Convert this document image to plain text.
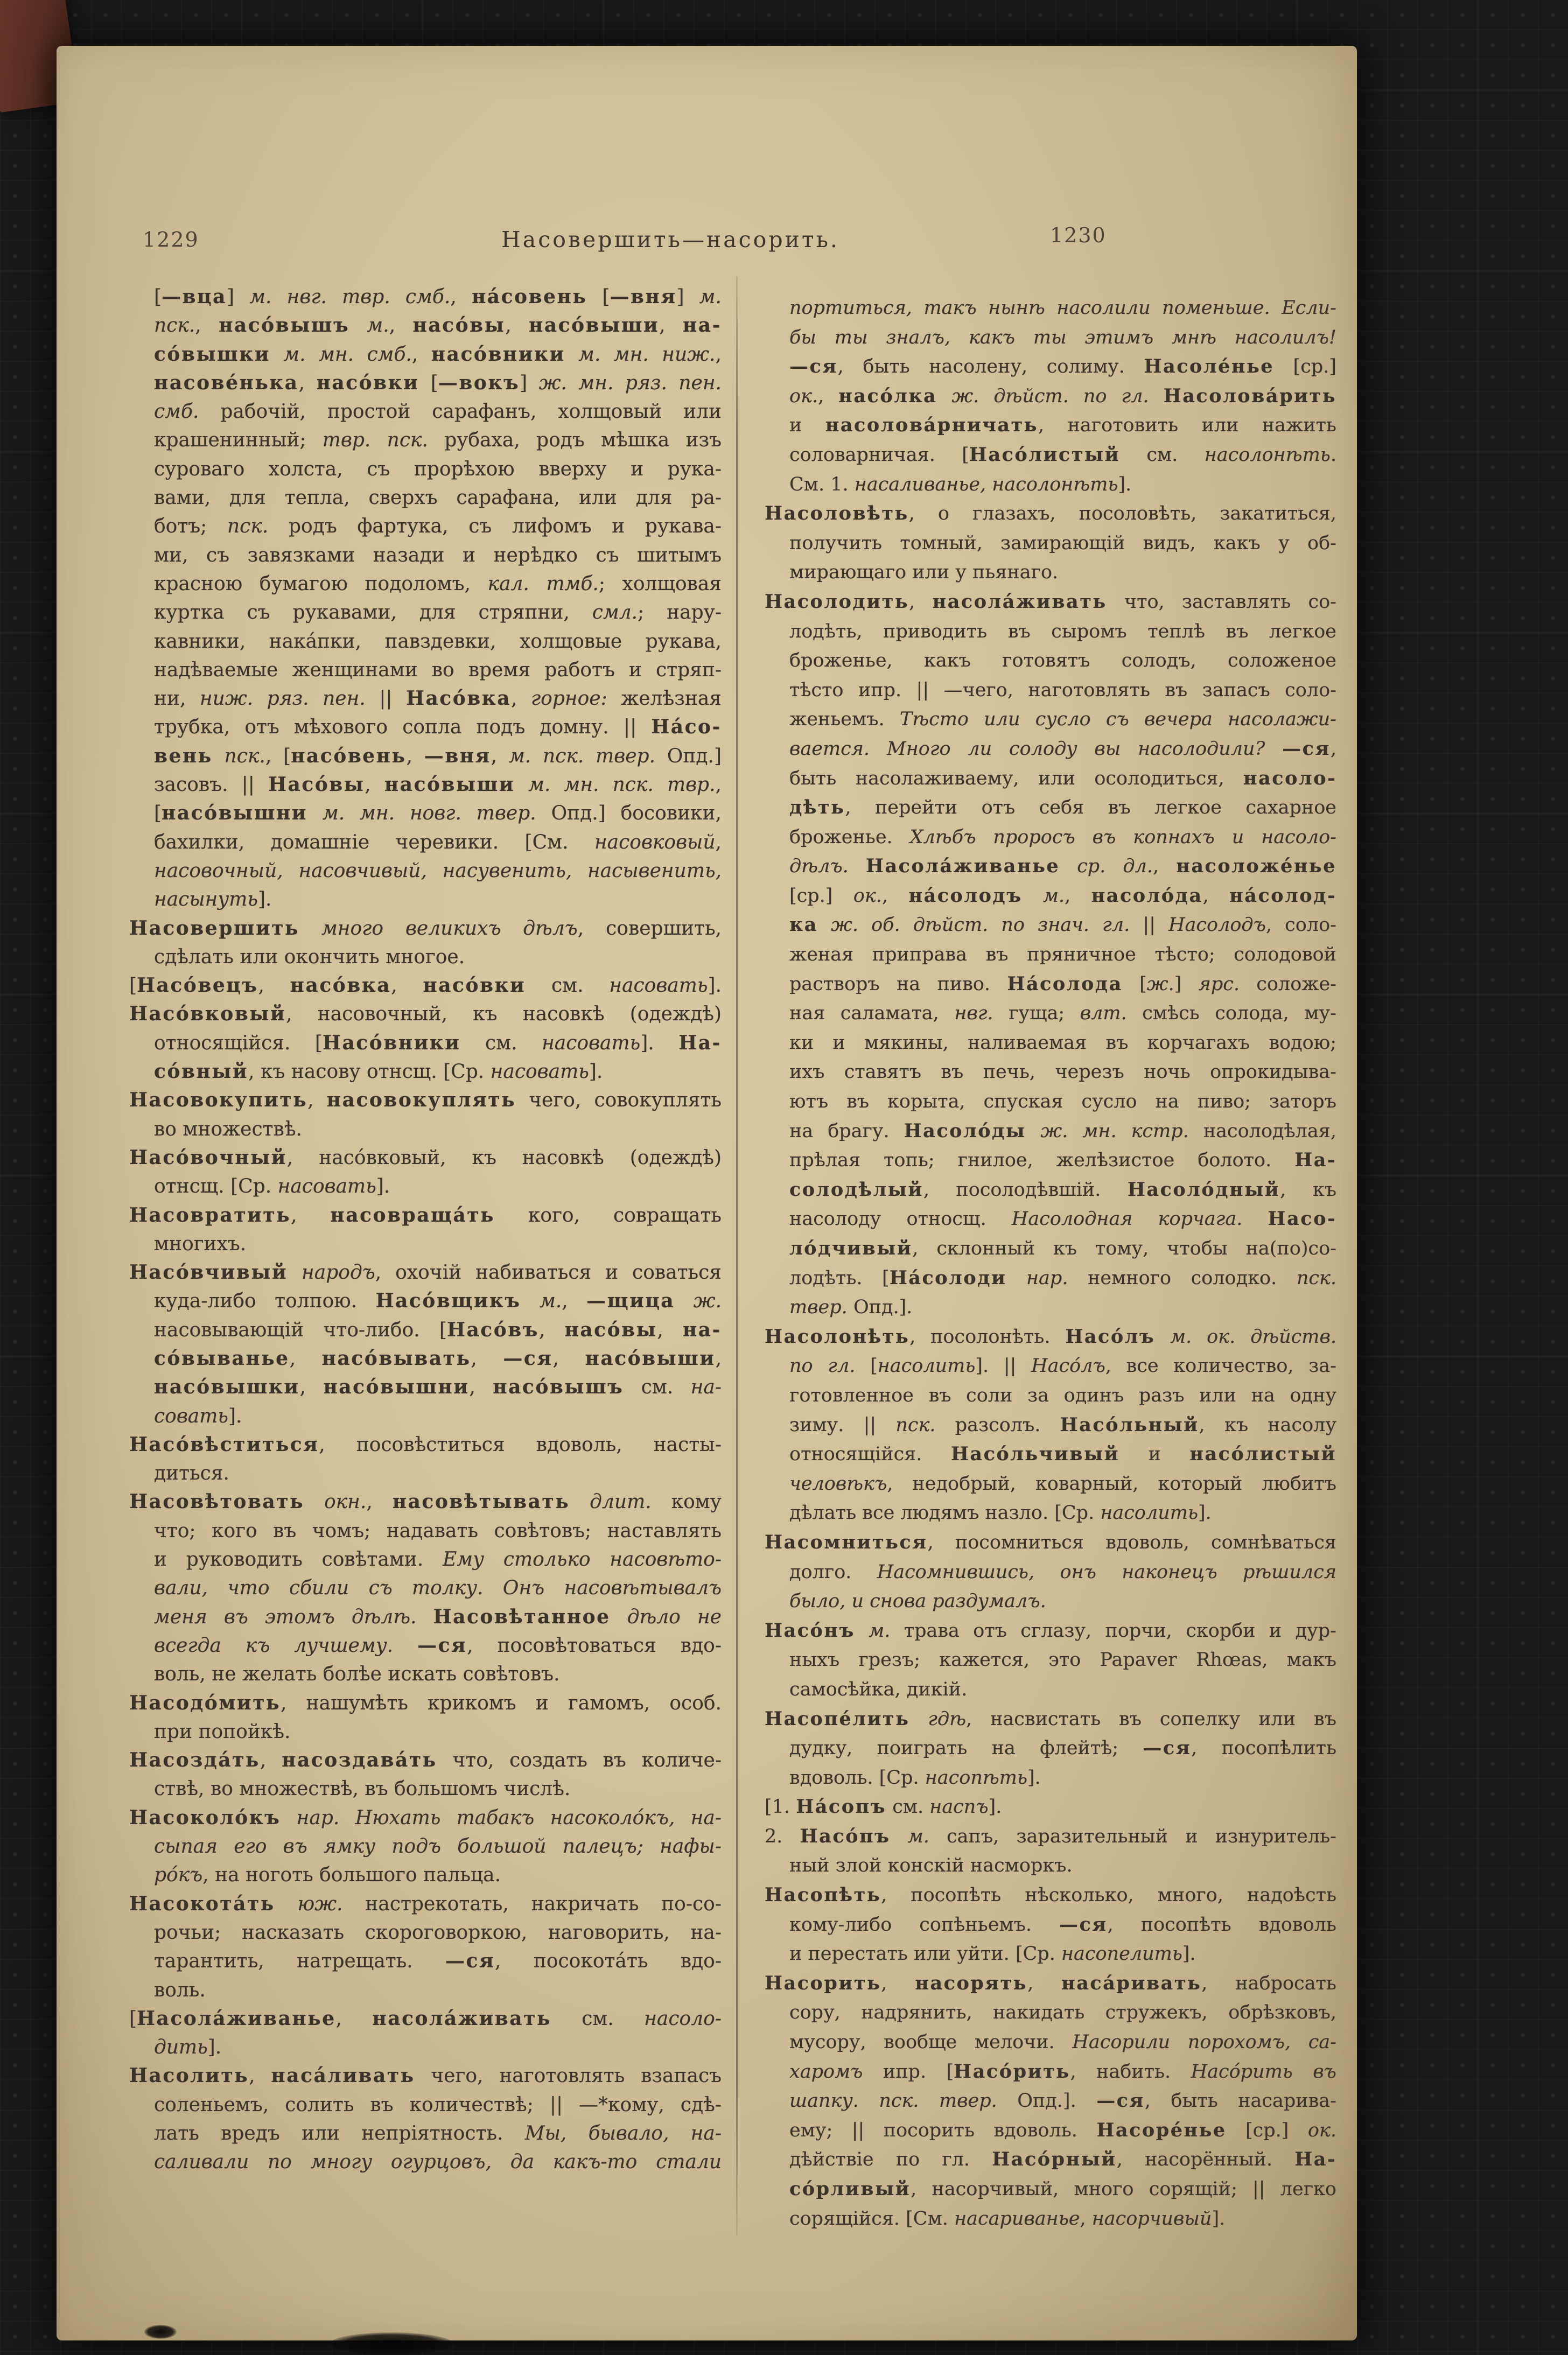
1229	Насовершить—насорить.	1230
[—вца] м. нвг. твр. смб., нáсовень [—вня] м.
пск., насóвышъ м., насóвы, насóвыши, на-
сóвышки м. мн. смб., насóвники м. мн. ниж.,
насовéнька, насóвки [—вокъ] ж. мн. ряз. пен.
смб. рабочій, простой сарафанъ, холщовый или
крашенинный; твр. пск. рубаха, родъ мѣшка изъ
суроваго холста, съ прорѣхою вверху и рука-
вами, для тепла, сверхъ сарафана, или для ра-
ботъ; пск. родъ фартука, съ лифомъ и рукава-
ми, съ завязками назади и нерѣдко съ шитымъ
красною бумагою подоломъ, кал. тмб.; холщовая
куртка съ рукавами, для стряпни, смл.; нару-
кавники, накáпки, павздевки, холщовые рукава,
надѣваемые женщинами во время работъ и стряп-
ни, ниж. ряз. пен. || Насóвка, горное: желѣзная
трубка, отъ мѣхового сопла подъ домну. || Нáсо-
вень пск., [насóвень, —вня, м. пск. твер. Опд.]
засовъ. || Насóвы, насóвыши м. мн. пск. твр.,
[насóвышни м. мн. новг. твер. Опд.] босовики,
бахилки, домашніе черевики. [См. насовковый,
насовочный, насовчивый, насувенить, насывенить,
насынуть].
Насовершить много великихъ дѣлъ, совершить,
сдѣлать или окончить многое.
[Насóвецъ, насóвка, насóвки см. насовать].
Насóвковый, насовочный, къ насовкѣ (одеждѣ)
относящійся. [Насóвники см. насовать]. На-
сóвный, къ насову отнсщ. [Ср. насовать].
Насовокупить, насовокуплять чего, совокуплять
во множествѣ.
Насóвочный, насóвковый, къ насовкѣ (одеждѣ)
отнсщ. [Ср. насовать].
Насовратить, насовращáть кого, совращать
многихъ.
Насóвчивый народъ, охочій набиваться и соваться
куда-либо толпою. Насóвщикъ м., —щица ж.
насовывающій что-либо. [Насóвъ, насóвы, на-
сóвыванье, насóвывать, —ся, насóвыши,
насóвышки, насóвышни, насóвышъ см. на-
совать].
Насóвѣститься, посовѣститься вдоволь, насты-
диться.
Насовѣтовать окн., насовѣтывать длит. кому
что; кого въ чомъ; надавать совѣтовъ; наставлять
и руководить совѣтами. Ему столько насовѣто-
вали, что сбили съ толку. Онъ насовѣтывалъ
меня въ этомъ дѣлѣ. Насовѣтанное дѣло не
всегда къ лучшему. —ся, посовѣтоваться вдо-
воль, не желать болѣе искать совѣтовъ.
Насодóмить, нашумѣть крикомъ и гамомъ, особ.
при попойкѣ.
Насоздáть, насоздавáть что, создать въ количе-
ствѣ, во множествѣ, въ большомъ числѣ.
Насоколóкъ нар. Нюхать табакъ насоколóкъ, на-
сыпая его въ ямку подъ большой палецъ; нафы-
рóкъ, на ноготь большого пальца.
Насокотáть юж. настрекотать, накричать по-со-
рочьи; насказать скороговоркою, наговорить, на-
тарантить, натрещать. —ся, посокотáть вдо-
воль.
[Насолáживанье, насолáживать см. насоло-
дить].
Насолить, насáливать чего, наготовлять взапасъ
соленьемъ, солить въ количествѣ; || —*кому, сдѣ-
лать вредъ или непріятность. Мы, бывало, на-
саливали по многу огурцовъ, да какъ-то стали
портиться, такъ нынѣ насолили поменьше. Если-
бы ты зналъ, какъ ты этимъ мнѣ насолилъ!
—ся, быть насолену, солиму. Насолéнье [ср.]
ок., насóлка ж. дѣйст. по гл. Насоловáрить
и насоловáрничать, наготовить или нажить
соловарничая. [Насóлистый см. насолонѣть.
См. 1. насаливанье, насолонѣть].
Насоловѣть, о глазахъ, посоловѣть, закатиться,
получить томный, замирающій видъ, какъ у об-
мирающаго или у пьянаго.
Насолодить, насолáживать что, заставлять со-
лодѣть, приводить въ сыромъ теплѣ въ легкое
броженье, какъ готовятъ солодъ, соложеное
тѣсто ипр. || —чего, наготовлять въ запасъ соло-
женьемъ. Тѣсто или сусло съ вечера насолажи-
вается. Много ли солоду вы насолодили? —ся,
быть насолаживаему, или осолодиться, насоло-
дѣть, перейти отъ себя въ легкое сахарное
броженье. Хлѣбъ проросъ въ копнахъ и насоло-
дѣлъ. Насолáживанье ср. дл., насоложéнье
[ср.] ок., нáсолодъ м., насолóда, нáсолод-
ка ж. об. дѣйст. по знач. гл. || Насолодъ, соло-
женая приправа въ пряничное тѣсто; солодовой
растворъ на пиво. Нáсолода [ж.] ярс. соложе-
ная саламата, нвг. гуща; влт. смѣсь солода, му-
ки и мякины, наливаемая въ корчагахъ водою;
ихъ ставятъ въ печь, черезъ ночь опрокидыва-
ютъ въ корыта, спуская сусло на пиво; заторъ
на брагу. Насолóды ж. мн. кстр. насолодѣлая,
прѣлая топь; гнилое, желѣзистое болото. На-
солодѣлый, посолодѣвшій. Насолóдный, къ
насолоду относщ. Насолодная корчага. Насо-
лóдчивый, склонный къ тому, чтобы на(по)со-
лодѣть. [Нáсолоди нар. немного солодко. пск.
твер. Опд.].
Насолонѣть, посолонѣть. Насóлъ м. ок. дѣйств.
по гл. [насолить]. || Насóлъ, все количество, за-
готовленное въ соли за одинъ разъ или на одну
зиму. || пск. разсолъ. Насóльный, къ насолу
относящійся. Насóльчивый и насóлистый
человѣкъ, недобрый, коварный, который любитъ
дѣлать все людямъ назло. [Ср. насолить].
Насомниться, посомниться вдоволь, сомнѣваться
долго. Насомнившись, онъ наконецъ рѣшился
было, и снова раздумалъ.
Насóнъ м. трава отъ сглазу, порчи, скорби и дур-
ныхъ грезъ; кажется, это Papaver Rhœas, макъ
самосѣйка, дикій.
Насопéлить гдѣ, насвистать въ сопелку или въ
дудку, поиграть на флейтѣ; —ся, посопѣлить
вдоволь. [Ср. насопѣть].
[1. Нáсопъ см. наспъ].
2. Насóпъ м. сапъ, заразительный и изнуритель-
ный злой конскій насморкъ.
Насопѣть, посопѣть нѣсколько, много, надоѣсть
кому-либо сопѣньемъ. —ся, посопѣть вдоволь
и перестать или уйти. [Ср. насопелить].
Насорить, насорять, насáривать, набросать
сору, надрянить, накидать стружекъ, обрѣзковъ,
мусору, вообще мелочи. Насорили порохомъ, са-
харомъ ипр. [Насóрить, набить. Насóрить въ
шапку. пск. твер. Опд.]. —ся, быть насарива-
ему; || посорить вдоволь. Насорéнье [ср.] ок.
дѣйствіе по гл. Насóрный, насорённый. На-
сóрливый, насорчивый, много сорящій; || легко
сорящійся. [См. насариванье, насорчивый].
